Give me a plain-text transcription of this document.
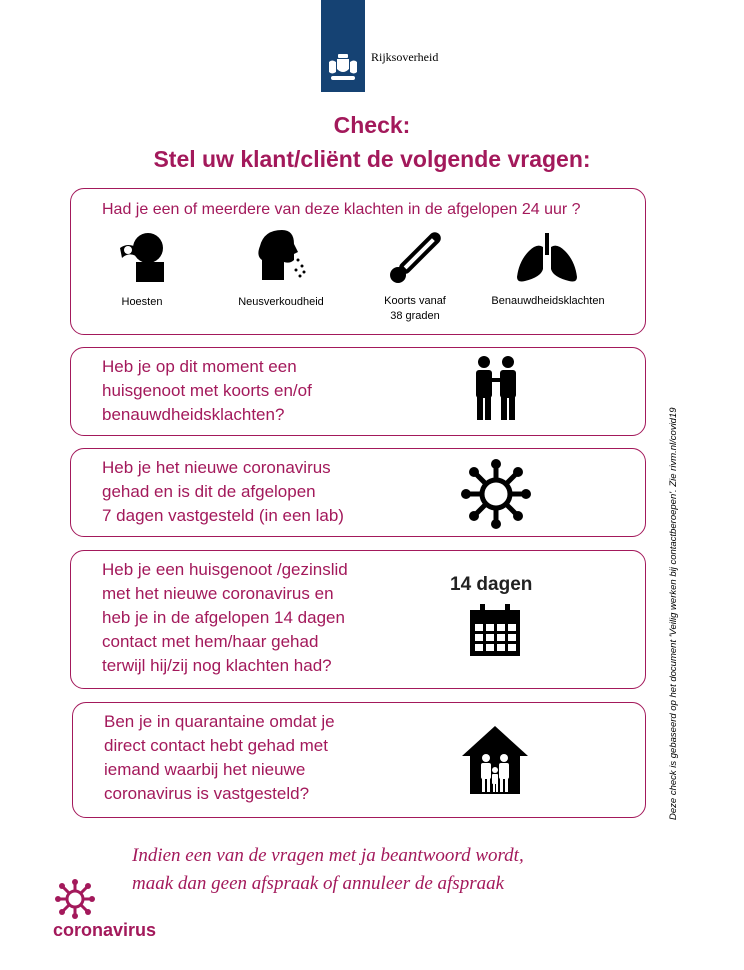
Rijksoverheid
Check:
Stel uw klant/cliënt de volgende vragen:
Had je een of meerdere van deze klachten in de afgelopen 24 uur ?
Hoesten	Neusverkoudheid	Koorts vanaf
38 graden
Benauwdheidsklachten
Heb je op dit moment een
huisgenoot met koorts en/of
benauwdheidsklachten?
Heb je het nieuwe coronavirus
gehad en is dit de afgelopen
7 dagen vastgesteld (in een lab)
Heb je een huisgenoot /gezinslid
met het nieuwe coronavirus en
heb je in de afgelopen 14 dagen
contact met hem/haar gehad
terwijl hij/zij nog klachten had?
14 dagen
Ben je in quarantaine omdat je
direct contact hebt gehad met
iemand waarbij het nieuwe
coronavirus is vastgesteld?	Deze check is gebaseerd op het document 'Veilig werken bij contactberoepen'. Zie rivm.nl/covid19
Indien een van de vragen met ja beantwoord wordt,
maak dan geen afspraak of annuleer de afspraak
coronavirus
